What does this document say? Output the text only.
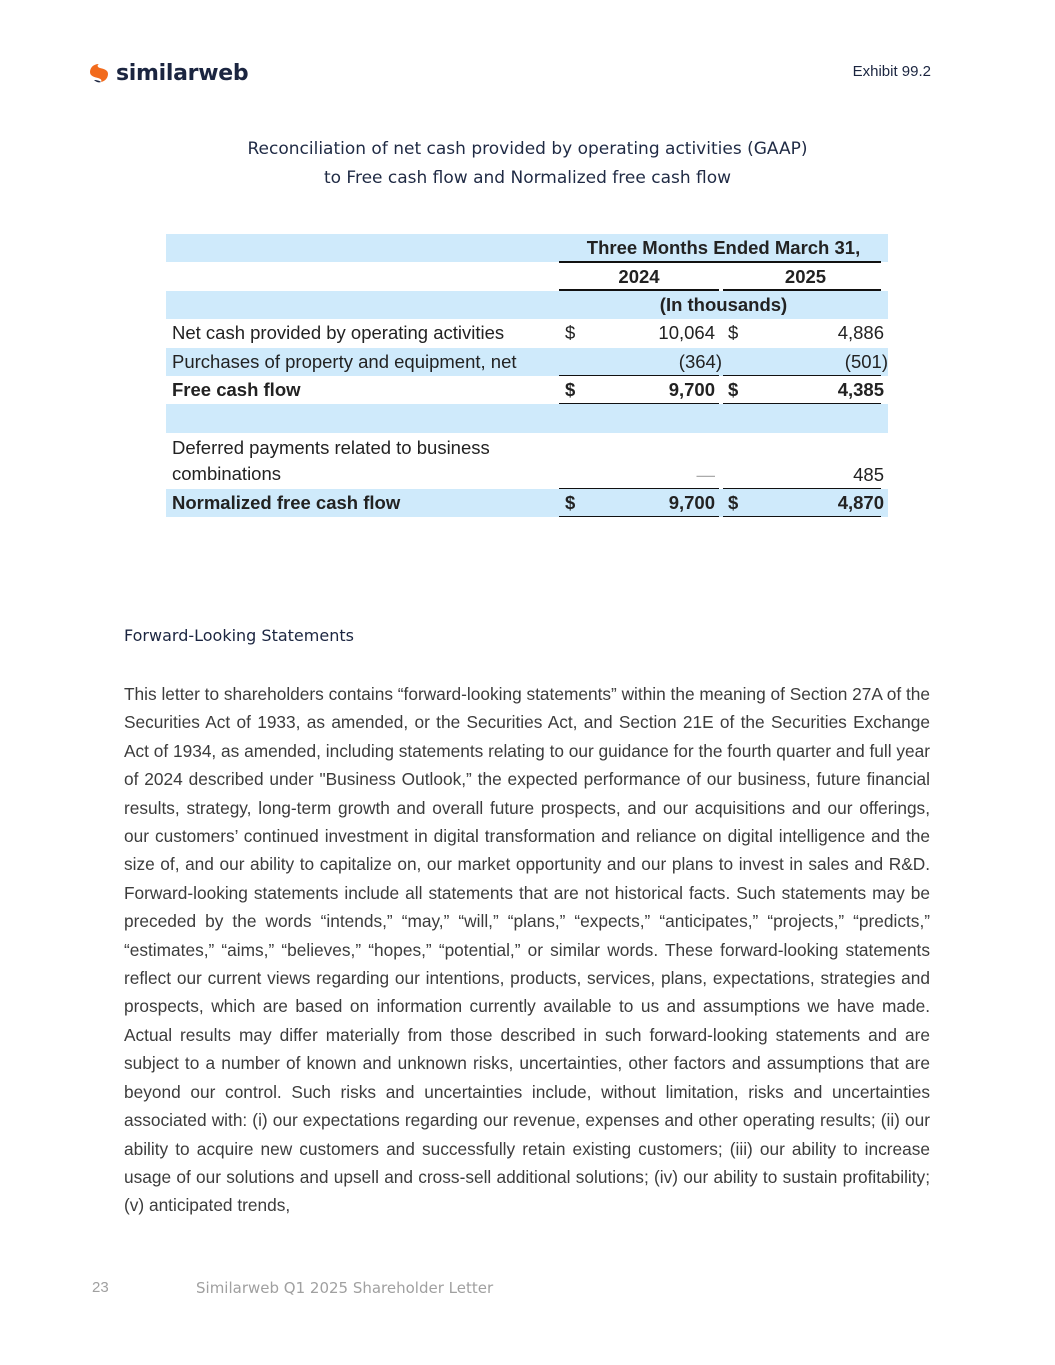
similarweb	Exhibit 99.2
Reconciliation of net cash provided by operating activities (GAAP)
to Free cash flow and Normalized free cash flow
Three Months Ended March 31,
2024	2025
(In thousands)
Net cash provided by operating activities	$	10,064 $	4,886
Purchases of property and equipment, net	(364)	(501)
Free cash flow	$	9,700 $	4,385
Deferred payments related to business
combinations	—	485
Normalized free cash flow	$	9,700 $	4,870
Forward-Looking Statements
This letter to shareholders contains “forward-looking statements” within the meaning of Section 27A of the Securities Act of 1933, as amended, or the Securities Act, and Section 21E of the Securities Exchange Act of 1934, as amended, including statements relating to our guidance for the fourth quarter and full year of 2024 described under "Business Outlook,” the expected performance of our business, future financial results, strategy, long-term growth and overall future prospects, and our acquisitions and our offerings, our customers’ continued investment in digital transformation and reliance on digital intelligence and the size of, and our ability to capitalize on, our market opportunity and our plans to invest in sales and R&D. Forward-looking statements include all statements that are not historical facts. Such statements may be preceded by the words “intends,” “may,” “will,” “plans,” “expects,” “anticipates,” “projects,” “predicts,” “estimates,” “aims,” “believes,” “hopes,” “potential,” or similar words. These forward-looking statements reflect our current views regarding our intentions, products, services, plans, expectations, strategies and prospects, which are based on information currently available to us and assumptions we have made. Actual results may differ materially from those described in such forward-looking statements and are subject to a number of known and unknown risks, uncertainties, other factors and assumptions that are beyond our control. Such risks and uncertainties include, without limitation, risks and uncertainties associated with: (i) our expectations regarding our revenue, expenses and other operating results; (ii) our ability to acquire new customers and successfully retain existing customers; (iii) our ability to increase usage of our solutions and upsell and cross-sell additional solutions; (iv) our ability to sustain profitability; (v) anticipated trends,
23	Similarweb Q1 2025 Shareholder Letter
